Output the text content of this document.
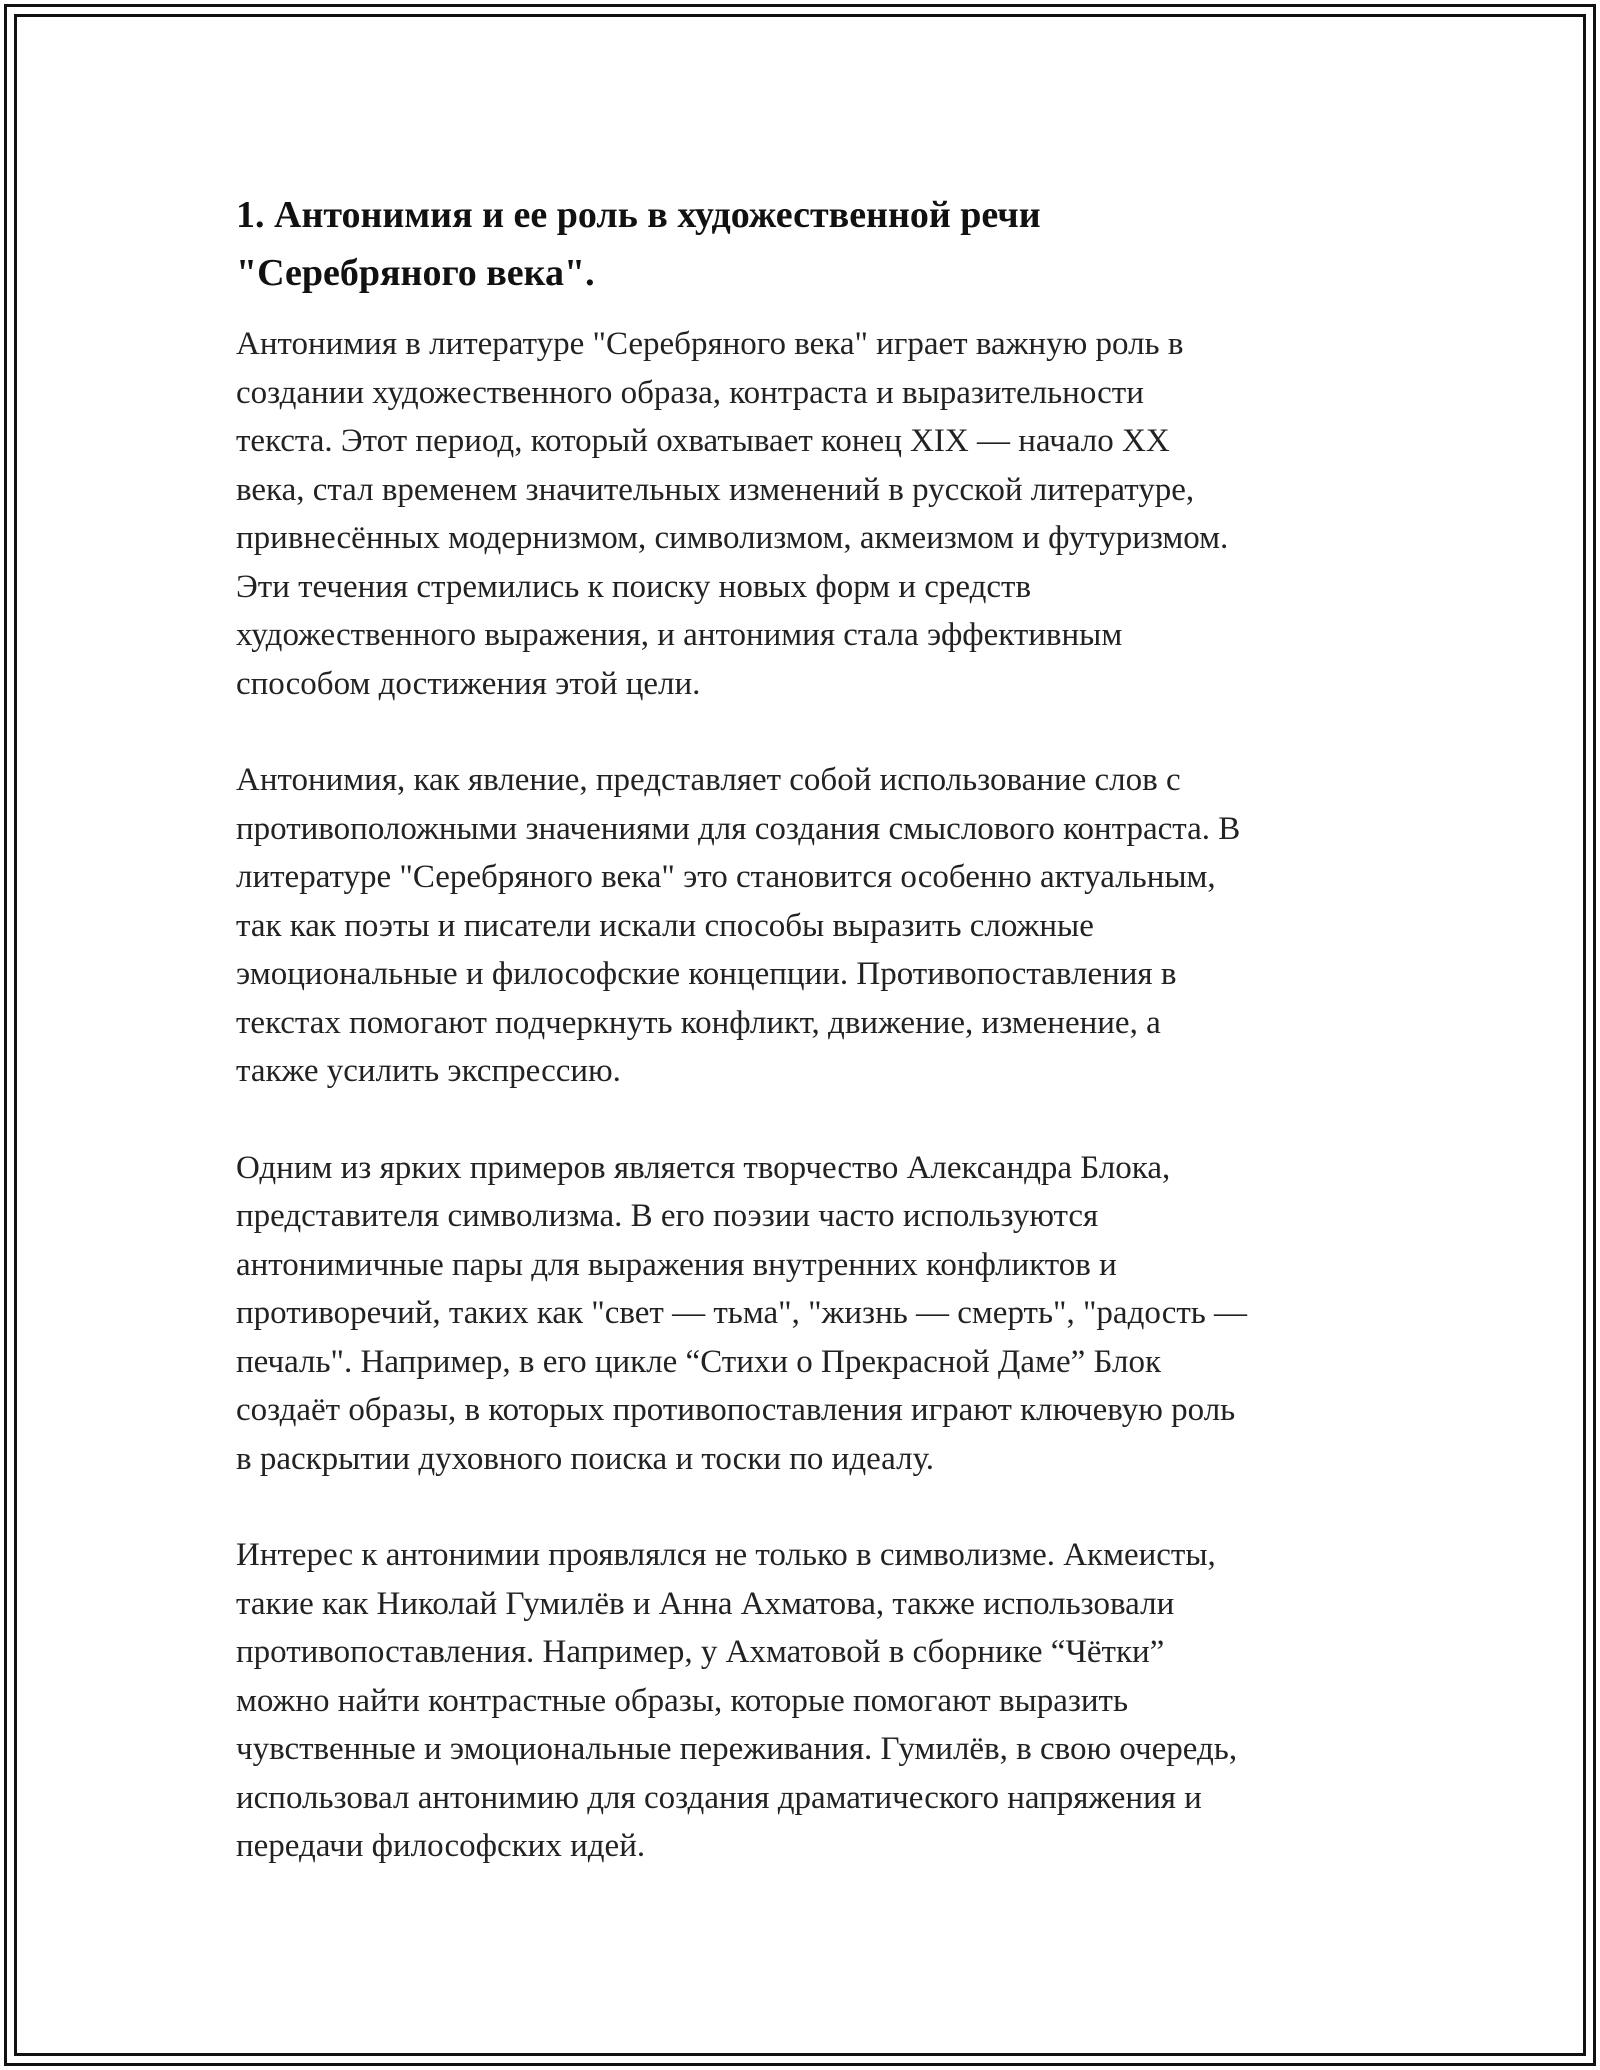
1. Антонимия и ее роль в художественной речи
"Серебряного века".

Антонимия в литературе "Серебряного века" играет важную роль в
создании художественного образа, контраста и выразительности
текста. Этот период, который охватывает конец XIX — начало XX
века, стал временем значительных изменений в русской литературе,
привнесённых модернизмом, символизмом, акмеизмом и футуризмом.
Эти течения стремились к поиску новых форм и средств
художественного выражения, и антонимия стала эффективным
способом достижения этой цели.

Антонимия, как явление, представляет собой использование слов с
противоположными значениями для создания смыслового контраста. В
литературе "Серебряного века" это становится особенно актуальным,
так как поэты и писатели искали способы выразить сложные
эмоциональные и философские концепции. Противопоставления в
текстах помогают подчеркнуть конфликт, движение, изменение, а
также усилить экспрессию.

Одним из ярких примеров является творчество Александра Блока,
представителя символизма. В его поэзии часто используются
антонимичные пары для выражения внутренних конфликтов и
противоречий, таких как "свет — тьма", "жизнь — смерть", "радость —
печаль". Например, в его цикле “Стихи о Прекрасной Даме” Блок
создаёт образы, в которых противопоставления играют ключевую роль
в раскрытии духовного поиска и тоски по идеалу.

Интерес к антонимии проявлялся не только в символизме. Акмеисты,
такие как Николай Гумилёв и Анна Ахматова, также использовали
противопоставления. Например, у Ахматовой в сборнике “Чётки”
можно найти контрастные образы, которые помогают выразить
чувственные и эмоциональные переживания. Гумилёв, в свою очередь,
использовал антонимию для создания драматического напряжения и
передачи философских идей.
